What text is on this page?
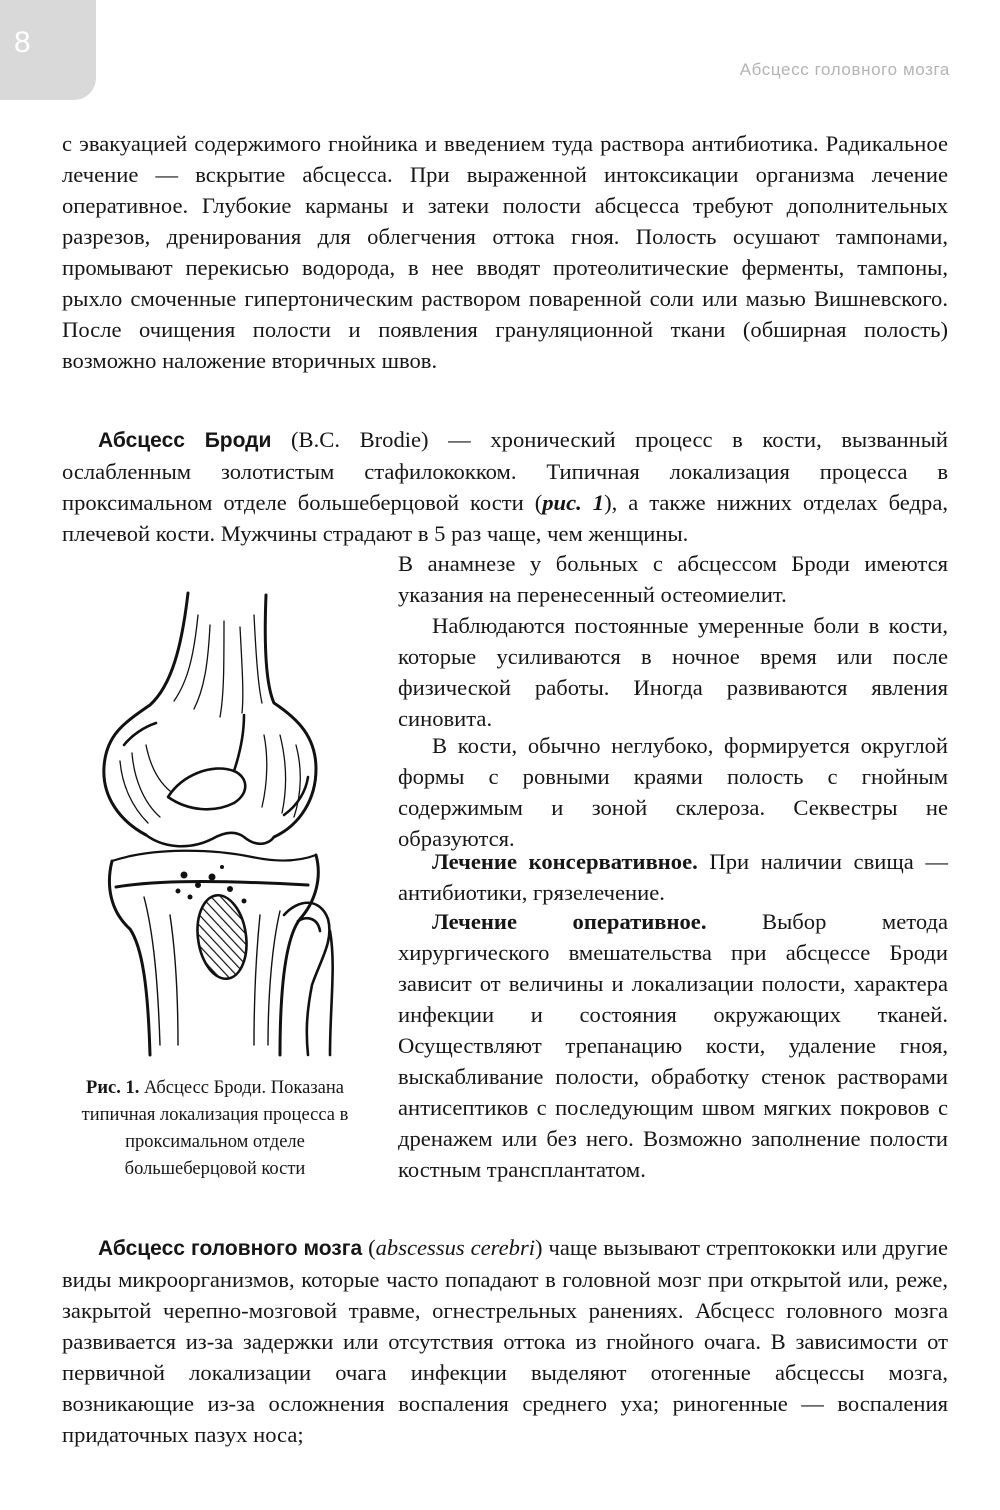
8
Абсцесс головного мозга

с эвакуацией содержимого гнойника и введением туда раствора антибиотика. Радикальное лечение — вскрытие абсцесса. При выраженной интоксикации организма лечение оперативное. Глубокие карманы и затеки полости абсцесса требуют дополнительных разрезов, дренирования для облегчения оттока гноя. Полость осушают тампонами, промывают перекисью водорода, в нее вводят протеолитические ферменты, тампоны, рыхло смоченные гипертоническим раствором поваренной соли или мазью Вишневского. После очищения полости и появления грануляционной ткани (обширная полость) возможно наложение вторичных швов.

Абсцесс Броди (B.C. Brodie) — хронический процесс в кости, вызванный ослабленным золотистым стафилококком. Типичная локализация процесса в проксимальном отделе большеберцовой кости (рис. 1), а также нижних отделах бедра, плечевой кости. Мужчины страдают в 5 раз чаще, чем женщины.

В анамнезе у больных с абсцессом Броди имеются указания на перенесенный остеомиелит.

Наблюдаются постоянные умеренные боли в кости, которые усиливаются в ночное время или после физической работы. Иногда развиваются явления синовита.

В кости, обычно неглубоко, формируется округлой формы с ровными краями полость с гнойным содержимым и зоной склероза. Секвестры не образуются.

Лечение консервативное. При наличии свища — антибиотики, грязелечение.

Лечение оперативное. Выбор метода хирургического вмешательства при абсцессе Броди зависит от величины и локализации полости, характера инфекции и состояния окружающих тканей. Осуществляют трепанацию кости, удаление гноя, выскабливание полости, обработку стенок растворами антисептиков с последующим швом мягких покровов с дренажем или без него. Возможно заполнение полости костным трансплантатом.

Абсцесс головного мозга (abscessus cerebri) чаще вызывают стрептококки или другие виды микроорганизмов, которые часто попадают в головной мозг при открытой или, реже, закрытой черепно-мозговой травме, огнестрельных ранениях. Абсцесс головного мозга развивается из-за задержки или отсутствия оттока из гнойного очага. В зависимости от первичной локализации очага инфекции выделяют отогенные абсцессы мозга, возникающие из-за осложнения воспаления среднего уха; риногенные — воспаления придаточных пазух носа;

Рис. 1. Абсцесс Броди. Показана типичная локализация процесса в проксимальном отделе большеберцовой кости
